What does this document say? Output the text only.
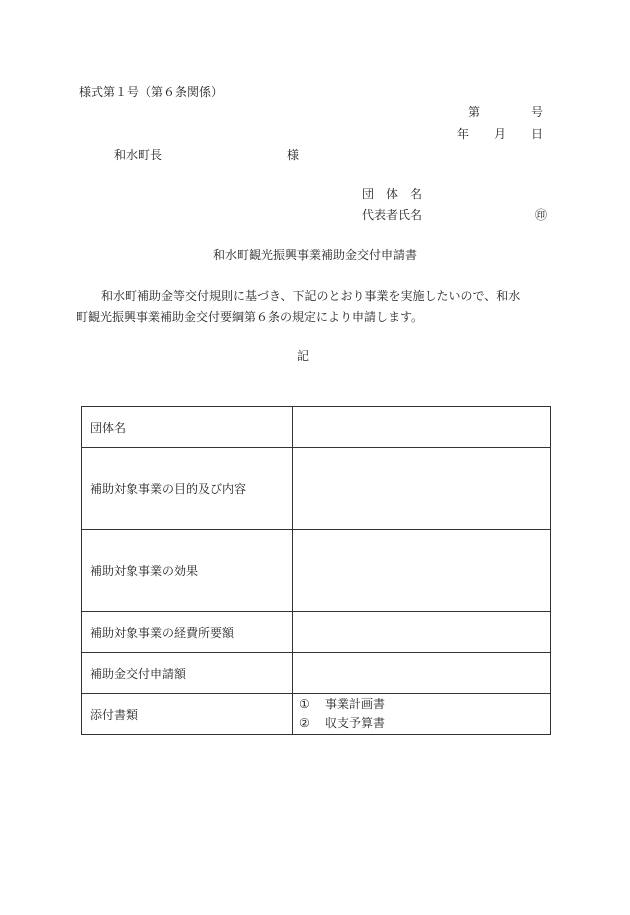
様式第１号（第６条関係）
第	号
年 月 日
和水町長	様
団　体　名
代表者氏名	㊞
和水町観光振興事業補助金交付申請書
和水町補助金等交付規則に基づき、下記のとおり事業を実施したいので、和水
町観光振興事業補助金交付要綱第６条の規定により申請します。
記
団体名	
補助対象事業の目的及び内容	
補助対象事業の効果	
補助対象事業の経費所要額	
補助金交付申請額	
添付書類	① 事業計画書
② 収支予算書
